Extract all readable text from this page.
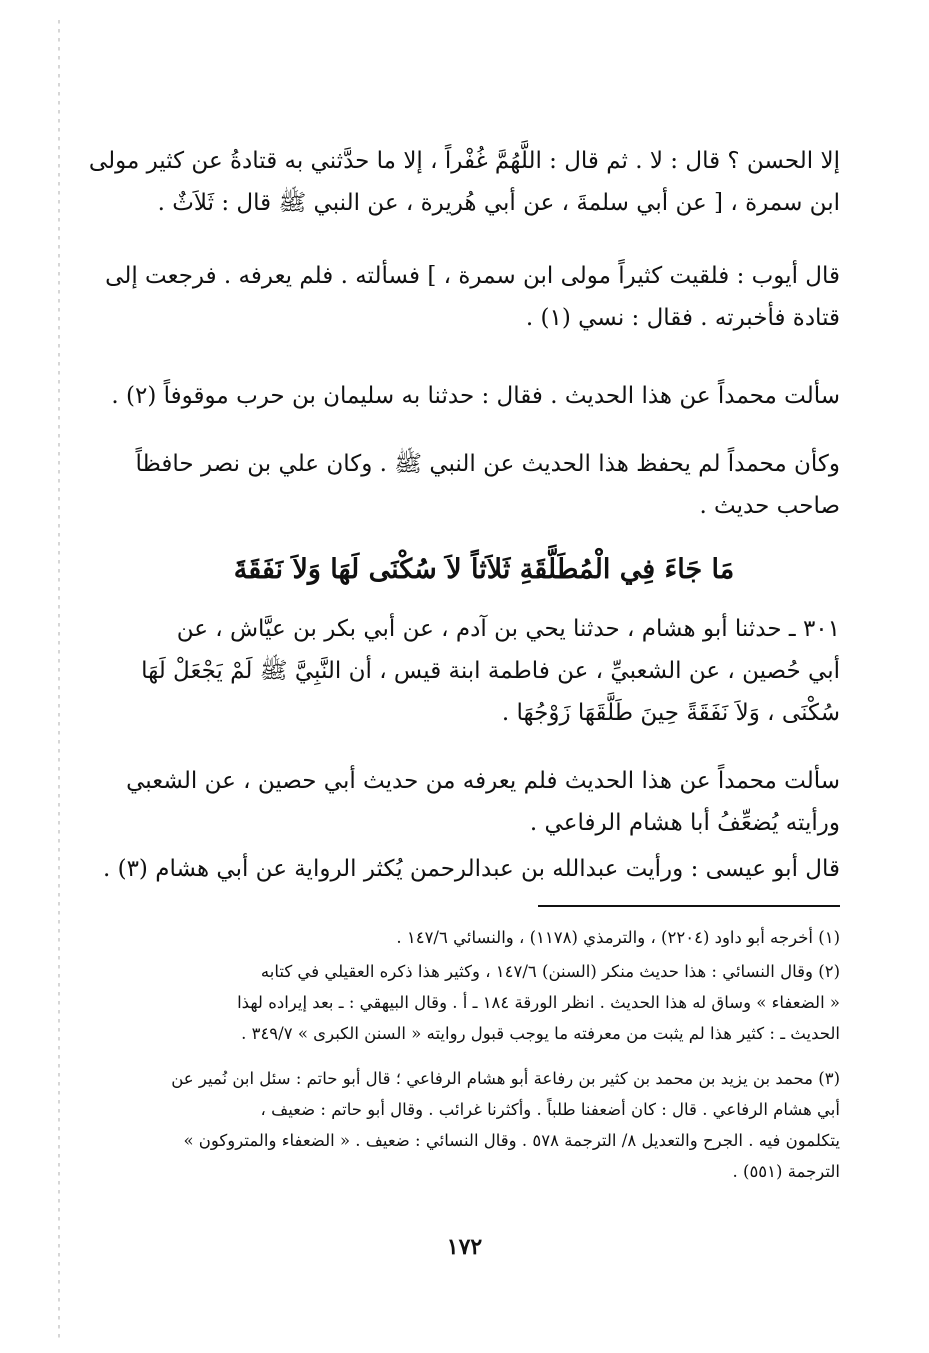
إلا الحسن ؟ قال : لا . ثم قال : اللَّهُمَّ غُفْراً ، إلا ما حدَّثني به قتادةُ عن كثير مولى
ابن سمرة ، [ عن أبي سلمةَ ، عن أبي هُريرة ، عن النبي ﷺ قال : ثَلاَثٌ .
قال أيوب : فلقيت كثيراً مولى ابن سمرة ، ] فسألته . فلم يعرفه . فرجعت إلى
قتادة فأخبرته . فقال : نسي (١) .
سألت محمداً عن هذا الحديث . فقال : حدثنا به سليمان بن حرب موقوفاً (٢) .
وكأن محمداً لم يحفظ هذا الحديث عن النبي ﷺ . وكان علي بن نصر حافظاً
صاحب حديث .
مَا جَاءَ فِي الْمُطَلَّقَةِ ثَلاَثاً لاَ سُكْنَى لَهَا وَلاَ نَفَقَةَ
٣٠١ ـ حدثنا أبو هشام ، حدثنا يحي بن آدم ، عن أبي بكر بن عيَّاش ، عن
أبي حُصين ، عن الشعبيِّ ، عن فاطمة ابنة قيس ، أن النَّبِيَّ ﷺ لَمْ يَجْعَلْ لَهَا
سُكْنَى ، وَلاَ نَفَقَةً حِينَ طَلَّقَهَا زَوْجُهَا .
سألت محمداً عن هذا الحديث فلم يعرفه من حديث أبي حصين ، عن الشعبي
ورأيته يُضعِّفُ أبا هشام الرفاعي .
قال أبو عيسى : ورأيت عبدالله بن عبدالرحمن يُكثر الرواية عن أبي هشام (٣) .
(١) أخرجه أبو داود (٢٢٠٤) ، والترمذي (١١٧٨) ، والنسائي ١٤٧/٦ .
(٢) وقال النسائي : هذا حديث منكر (السنن) ١٤٧/٦ ، وكثير هذا ذكره العقيلي في كتابه
« الضعفاء » وساق له هذا الحديث . انظر الورقة ١٨٤ ـ أ . وقال البيهقي : ـ بعد إيراده لهذا
الحديث ـ : كثير هذا لم يثبت من معرفته ما يوجب قبول روايته « السنن الكبرى » ٣٤٩/٧ .
(٣) محمد بن يزيد بن محمد بن كثير بن رفاعة أبو هشام الرفاعي ؛ قال أبو حاتم : سئل ابن نُمير عن
أبي هشام الرفاعي . قال : كان أضعفنا طلباً . وأكثرنا غرائب . وقال أبو حاتم : ضعيف ،
يتكلمون فيه . الجرح والتعديل ٨/ الترجمة ٥٧٨ . وقال النسائي : ضعيف . « الضعفاء والمتروكون »
الترجمة (٥٥١) .
١٧٢
